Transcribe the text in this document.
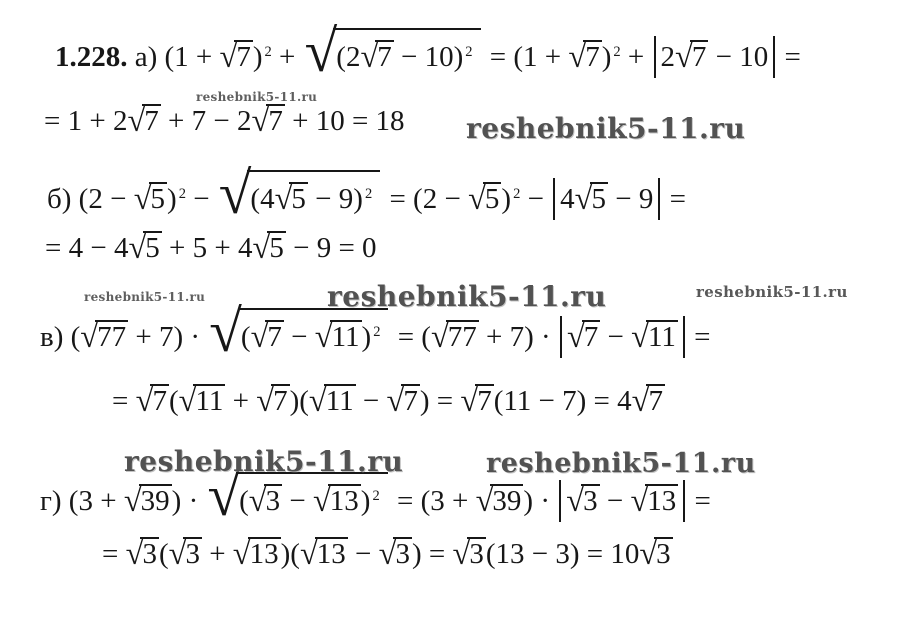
1.228. а) (1 + √7) $^2$ + √(2√7 − 10) $^2$ = (1 + √7) $^2$ + 2√7 − 10 =
= 1 + 2√7 + 7 − 2√7 + 10 = 18
б) (2 − √5) $^2$ − √(4√5 − 9) $^2$ = (2 − √5) $^2$ − 4√5 − 9 =
= 4 − 4√5 + 5 + 4√5 − 9 = 0
в) (√77 + 7) · √(√7 − √11) $^2$ = (√77 + 7) · √7 − √11 =
= √7(√11 + √7)(√11 − √7) = √7(11 − 7) = 4√7
г) (3 + √39) · √(√3 − √13) $^2$ = (3 + √39) · √3 − √13 =
= √3(√3 + √13)(√13 − √3) = √3(13 − 3) = 10√3
reshebnik5-11.ru
reshebnik5-11.ru
reshebnik5-11.ru	reshebnik5-11.ru	reshebnik5-11.ru
reshebnik5-11.ru	reshebnik5-11.ru
